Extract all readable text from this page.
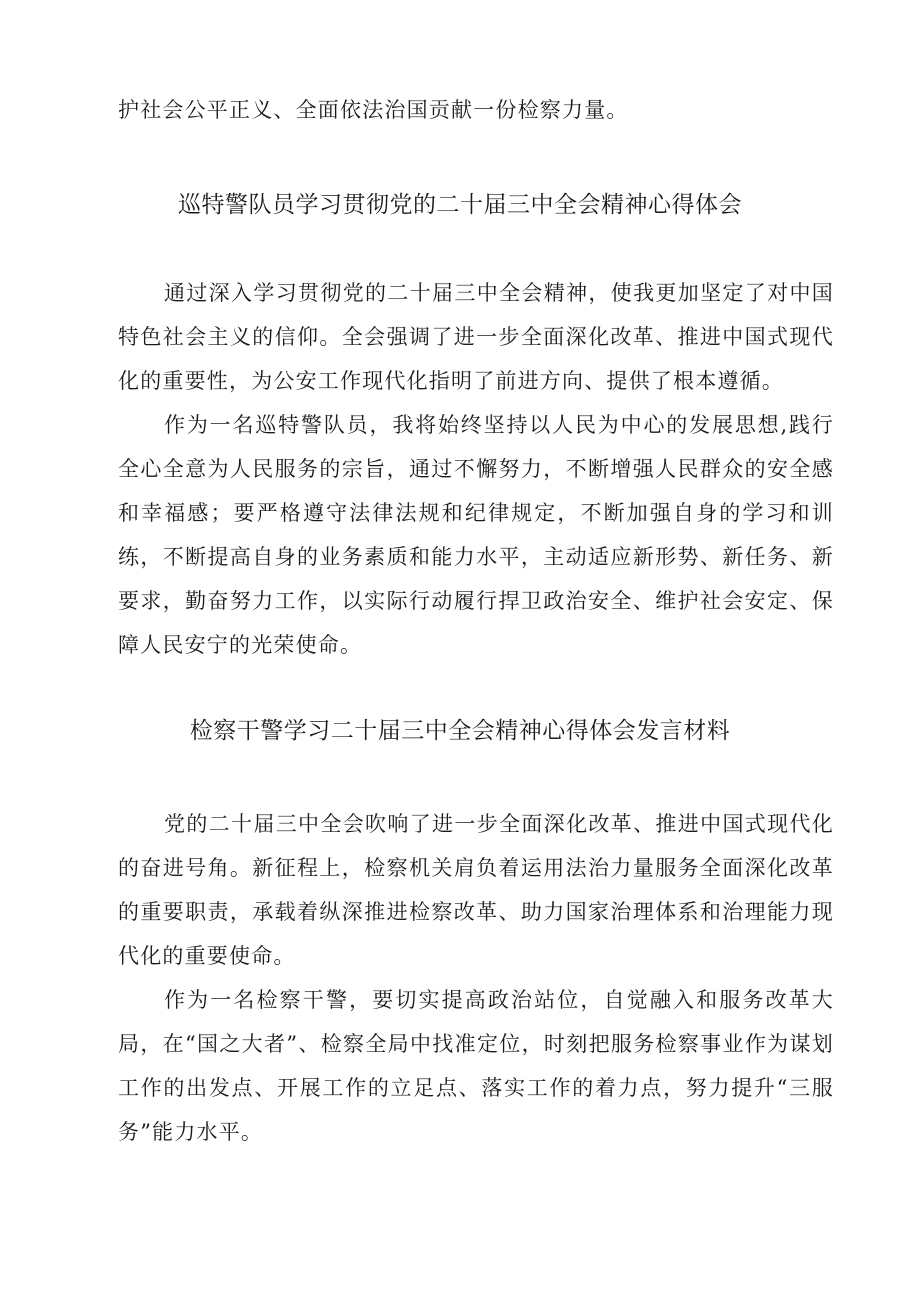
护社会公平正义、全面依法治国贡献一份检察力量。

巡特警队员学习贯彻党的二十届三中全会精神心得体会

通过深入学习贯彻党的二十届三中全会精神，使我更加坚定了对中国特色社会主义的信仰。全会强调了进一步全面深化改革、推进中国式现代化的重要性，为公安工作现代化指明了前进方向、提供了根本遵循。

作为一名巡特警队员，我将始终坚持以人民为中心的发展思想,践行全心全意为人民服务的宗旨，通过不懈努力，不断增强人民群众的安全感和幸福感；要严格遵守法律法规和纪律规定，不断加强自身的学习和训练，不断提高自身的业务素质和能力水平，主动适应新形势、新任务、新要求，勤奋努力工作，以实际行动履行捍卫政治安全、维护社会安定、保障人民安宁的光荣使命。

检察干警学习二十届三中全会精神心得体会发言材料

党的二十届三中全会吹响了进一步全面深化改革、推进中国式现代化的奋进号角。新征程上，检察机关肩负着运用法治力量服务全面深化改革的重要职责，承载着纵深推进检察改革、助力国家治理体系和治理能力现代化的重要使命。

作为一名检察干警，要切实提高政治站位，自觉融入和服务改革大局，在“国之大者”、检察全局中找准定位，时刻把服务检察事业作为谋划工作的出发点、开展工作的立足点、落实工作的着力点，努力提升“三服务”能力水平。
